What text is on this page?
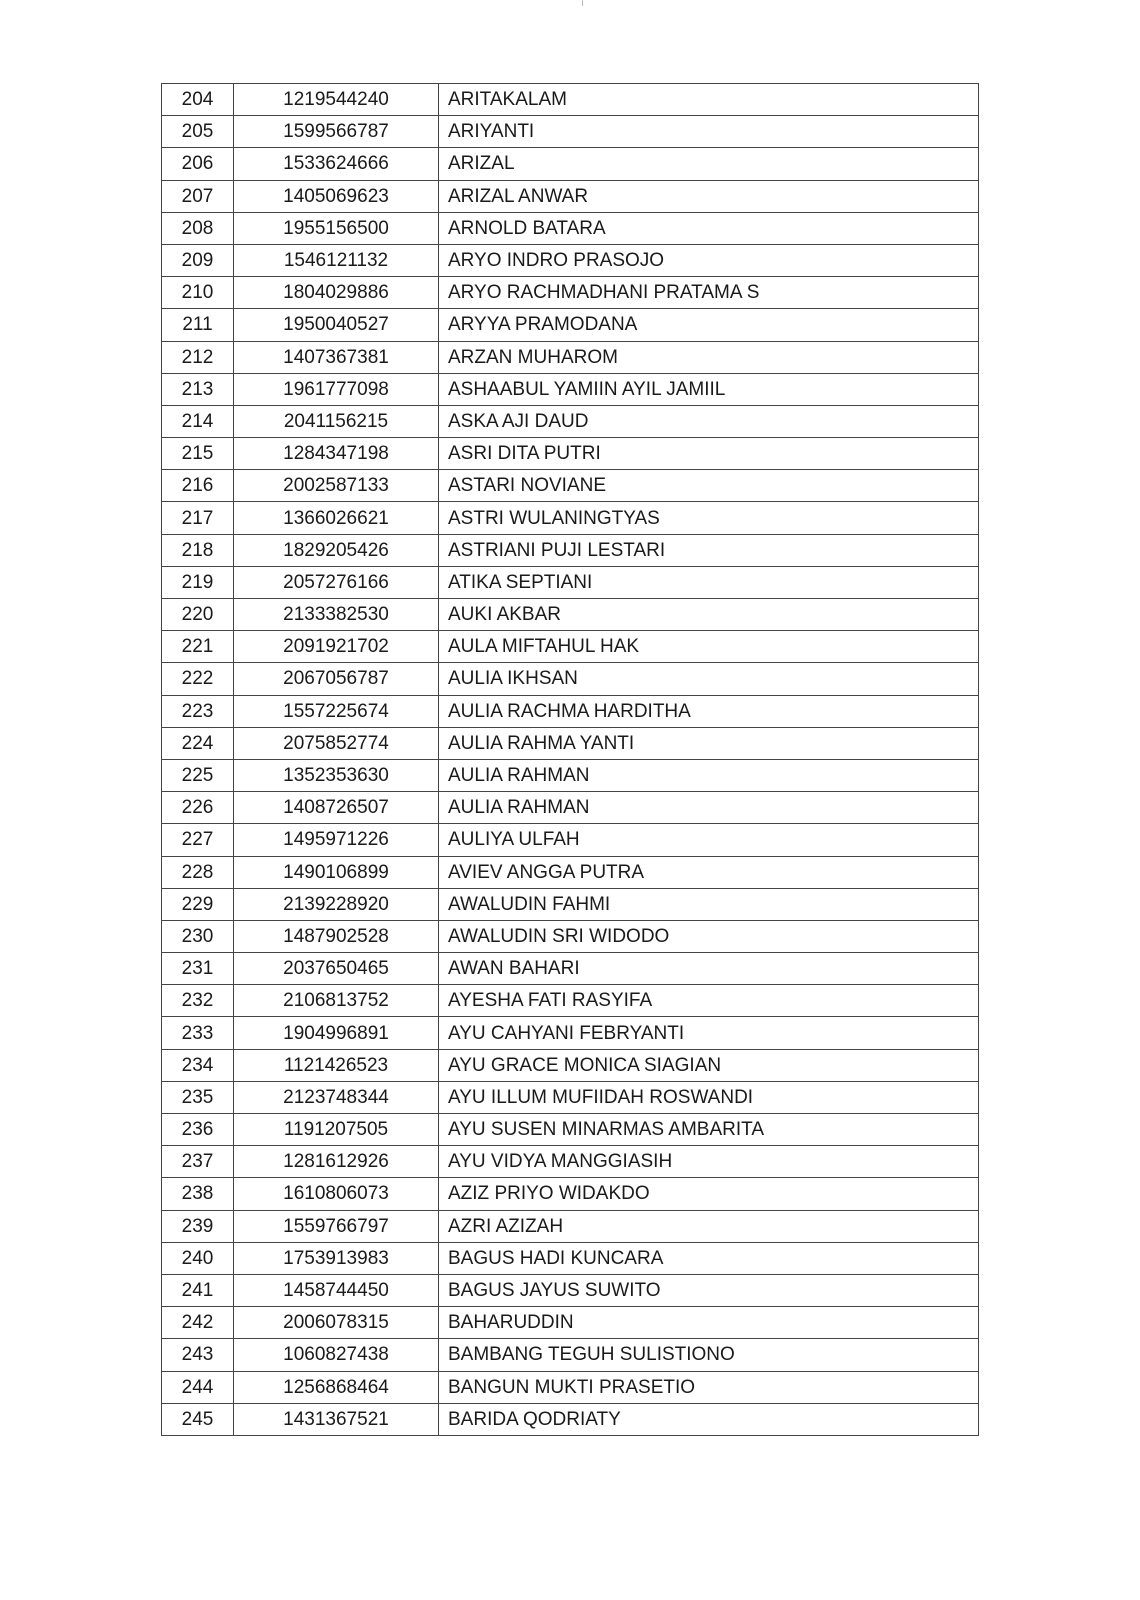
204	1219544240	ARITAKALAM
205	1599566787	ARIYANTI
206	1533624666	ARIZAL
207	1405069623	ARIZAL ANWAR
208	1955156500	ARNOLD BATARA
209	1546121132	ARYO INDRO PRASOJO
210	1804029886	ARYO RACHMADHANI PRATAMA S
211	1950040527	ARYYA PRAMODANA
212	1407367381	ARZAN MUHAROM
213	1961777098	ASHAABUL YAMIIN AYIL JAMIIL
214	2041156215	ASKA AJI DAUD
215	1284347198	ASRI DITA PUTRI
216	2002587133	ASTARI NOVIANE
217	1366026621	ASTRI WULANINGTYAS
218	1829205426	ASTRIANI PUJI LESTARI
219	2057276166	ATIKA SEPTIANI
220	2133382530	AUKI AKBAR
221	2091921702	AULA MIFTAHUL HAK
222	2067056787	AULIA IKHSAN
223	1557225674	AULIA RACHMA HARDITHA
224	2075852774	AULIA RAHMA YANTI
225	1352353630	AULIA RAHMAN
226	1408726507	AULIA RAHMAN
227	1495971226	AULIYA ULFAH
228	1490106899	AVIEV ANGGA PUTRA
229	2139228920	AWALUDIN FAHMI
230	1487902528	AWALUDIN SRI WIDODO
231	2037650465	AWAN BAHARI
232	2106813752	AYESHA FATI RASYIFA
233	1904996891	AYU CAHYANI FEBRYANTI
234	1121426523	AYU GRACE MONICA SIAGIAN
235	2123748344	AYU ILLUM MUFIIDAH ROSWANDI
236	1191207505	AYU SUSEN MINARMAS AMBARITA
237	1281612926	AYU VIDYA MANGGIASIH
238	1610806073	AZIZ PRIYO WIDAKDO
239	1559766797	AZRI AZIZAH
240	1753913983	BAGUS HADI KUNCARA
241	1458744450	BAGUS JAYUS SUWITO
242	2006078315	BAHARUDDIN
243	1060827438	BAMBANG TEGUH SULISTIONO
244	1256868464	BANGUN MUKTI PRASETIO
245	1431367521	BARIDA QODRIATY
